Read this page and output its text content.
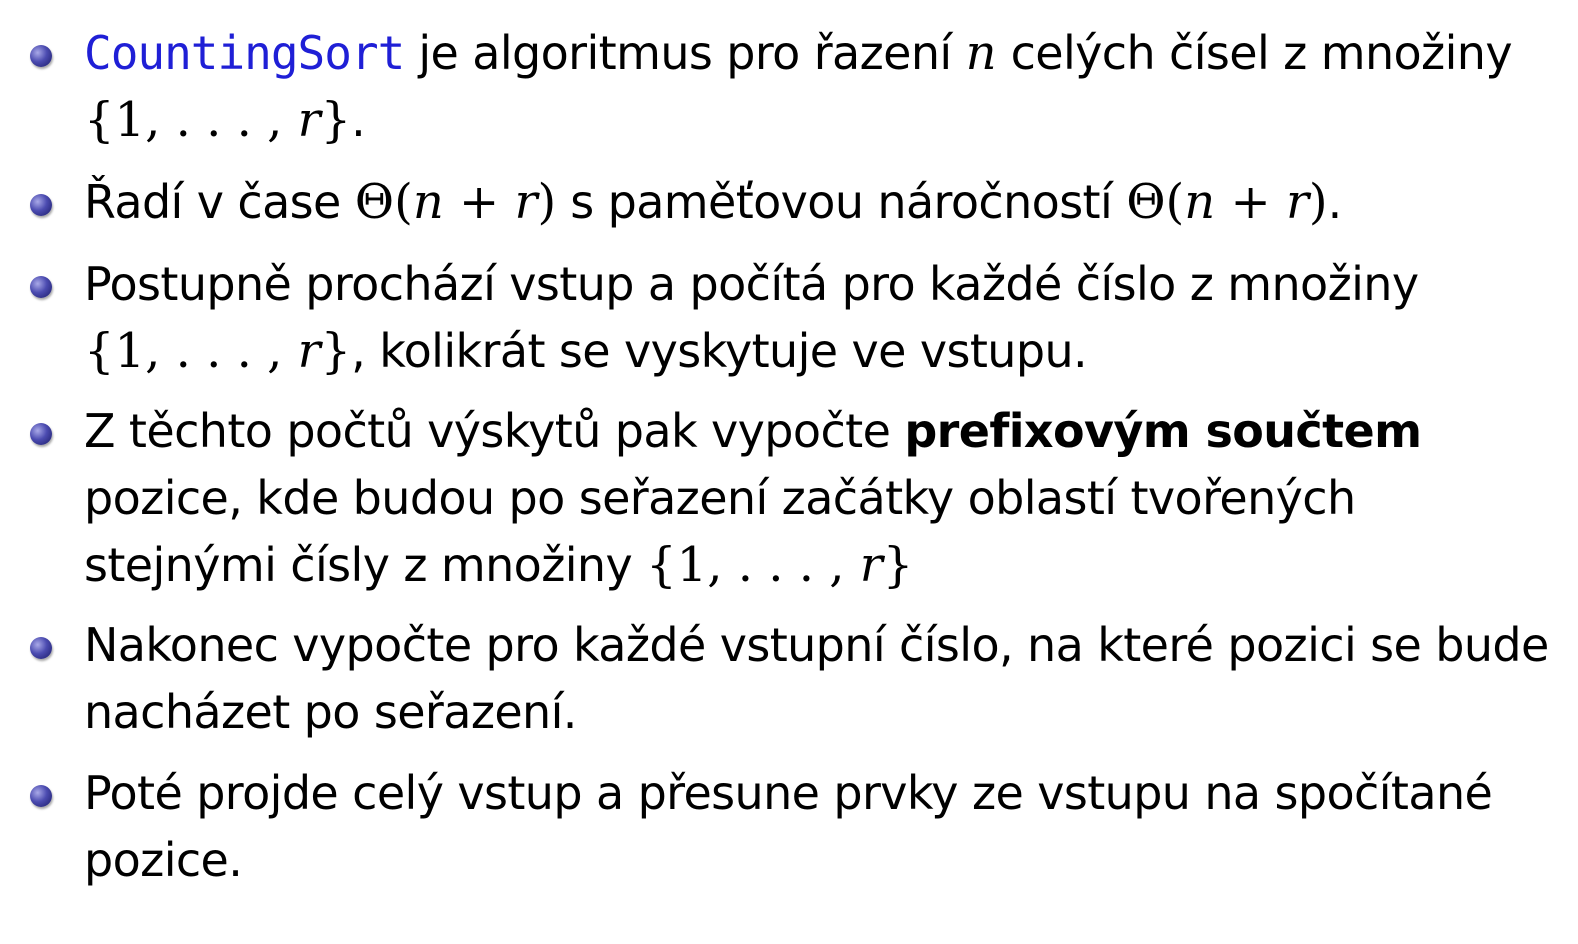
CountingSort je algoritmus pro řazení n celých čísel z množiny
{1, . . . , r}.
Řadí v čase Θ(n + r) s paměťovou náročností Θ(n + r).
Postupně prochází vstup a počítá pro každé číslo z množiny
{1, . . . , r}, kolikrát se vyskytuje ve vstupu.
Z těchto počtů výskytů pak vypočte prefixovým součtem
pozice, kde budou po seřazení začátky oblastí tvořených
stejnými čísly z množiny {1, . . . , r}
Nakonec vypočte pro každé vstupní číslo, na které pozici se bude
nacházet po seřazení.
Poté projde celý vstup a přesune prvky ze vstupu na spočítané
pozice.
